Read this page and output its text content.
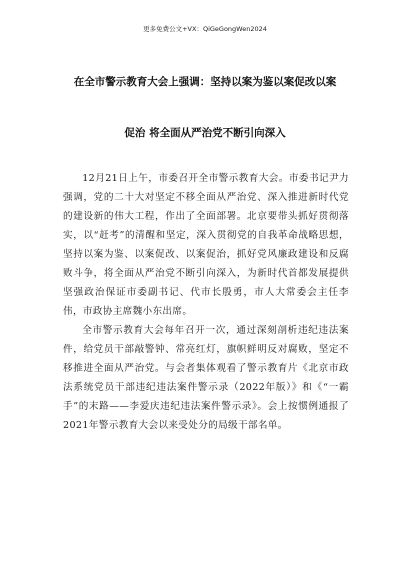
更多免费公文+VX：QiGeGongWen2024
在全市警示教育大会上强调：坚持以案为鉴以案促改以案
促治 将全面从严治党不断引向深入

12月21日上午，市委召开全市警示教育大会。市委书记尹力强调，党的二十大对坚定不移全面从严治党、深入推进新时代党的建设新的伟大工程，作出了全面部署。北京要带头抓好贯彻落实，以“赶考”的清醒和坚定，深入贯彻党的自我革命战略思想，坚持以案为鉴、以案促改、以案促治，抓好党风廉政建设和反腐败斗争，将全面从严治党不断引向深入，为新时代首都发展提供坚强政治保证市委副书记、代市长殷勇，市人大常委会主任李伟，市政协主席魏小东出席。

全市警示教育大会每年召开一次，通过深刻剖析违纪违法案件，给党员干部敲警钟、常亮红灯，旗帜鲜明反对腐败，坚定不移推进全面从严治党。与会者集体观看了警示教育片《北京市政法系统党员干部违纪违法案件警示录（2022年版）》和《“一霸手”的末路——李爱庆违纪违法案件警示录》。会上按惯例通报了2021年警示教育大会以来受处分的局级干部名单。
